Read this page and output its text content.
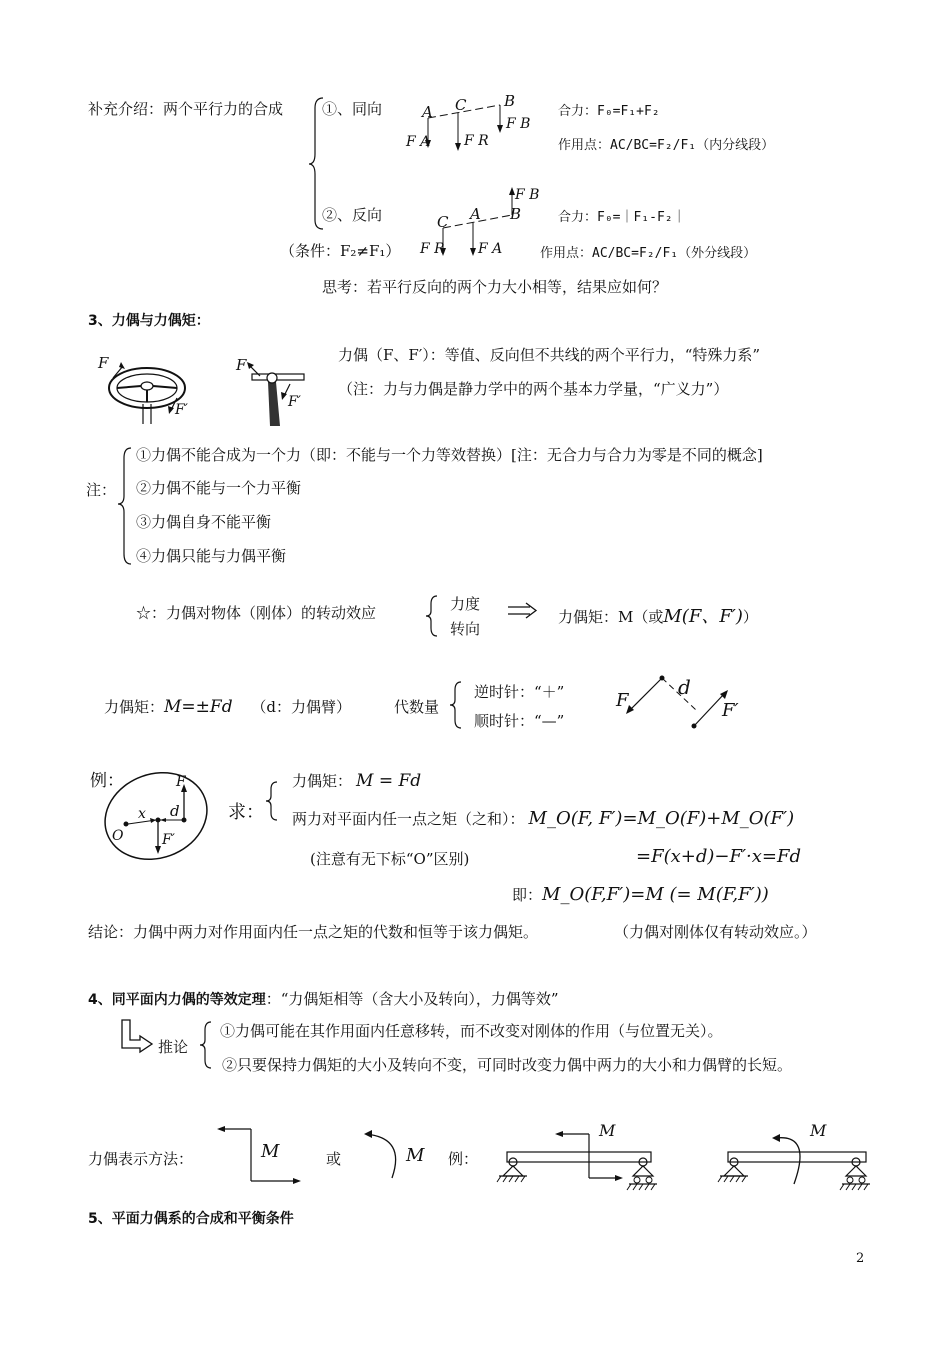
补充介绍：两个平行力的合成	①、同向	合力：F₀=F₁+F₂
作用点：AC/BC=F₂/F₁（内分线段）
A C	B
F B
F A F R
②、反向
（条件：F₂≠F₁）
合力：F₀=｜F₁-F₂｜
作用点：AC/BC=F₂/F₁（外分线段）
C A B
F B
F R F A
思考：若平行反向的两个力大小相等，结果应如何？
3、力偶与力偶矩：
F
F′
F
F′
力偶（F、F′）：等值、反向但不共线的两个平行力，“特殊力系”
（注：力与力偶是静力学中的两个基本力学量，“广义力”）
注：
①力偶不能合成为一个力（即：不能与一个力等效替换）[注：无合力与合力为零是不同的概念]
②力偶不能与一个力平衡
③力偶自身不能平衡
④力偶只能与力偶平衡
☆：力偶对物体（刚体）的转动效应	力度
转向
力偶矩：M（或M(F、F′)）
力偶矩：M=±Fd （d：力偶臂）	代数量
逆时针：“＋”
顺时针：“—”
F
d
F′
例：
O
x d
F
F′
求：
力偶矩： M = Fd
两力对平面内任一点之矩（之和）： M_O(F, F′)=M_O(F)+M_O(F′)
(注意有无下标“O”区别)	=F(x+d)−F′·x=Fd
即：M_O(F,F′)=M (= M(F,F′))
结论：力偶中两力对作用面内任一点之矩的代数和恒等于该力偶矩。	（力偶对刚体仅有转动效应。）
4、同平面内力偶的等效定理：“力偶矩相等（含大小及转向），力偶等效”
推论
①力偶可能在其作用面内任意移转，而不改变对刚体的作用（与位置无关）。
②只要保持力偶矩的大小及转向不变，可同时改变力偶中两力的大小和力偶臂的长短。
力偶表示方法：	M	或	M 例：
M	M
5、平面力偶系的合成和平衡条件
2
